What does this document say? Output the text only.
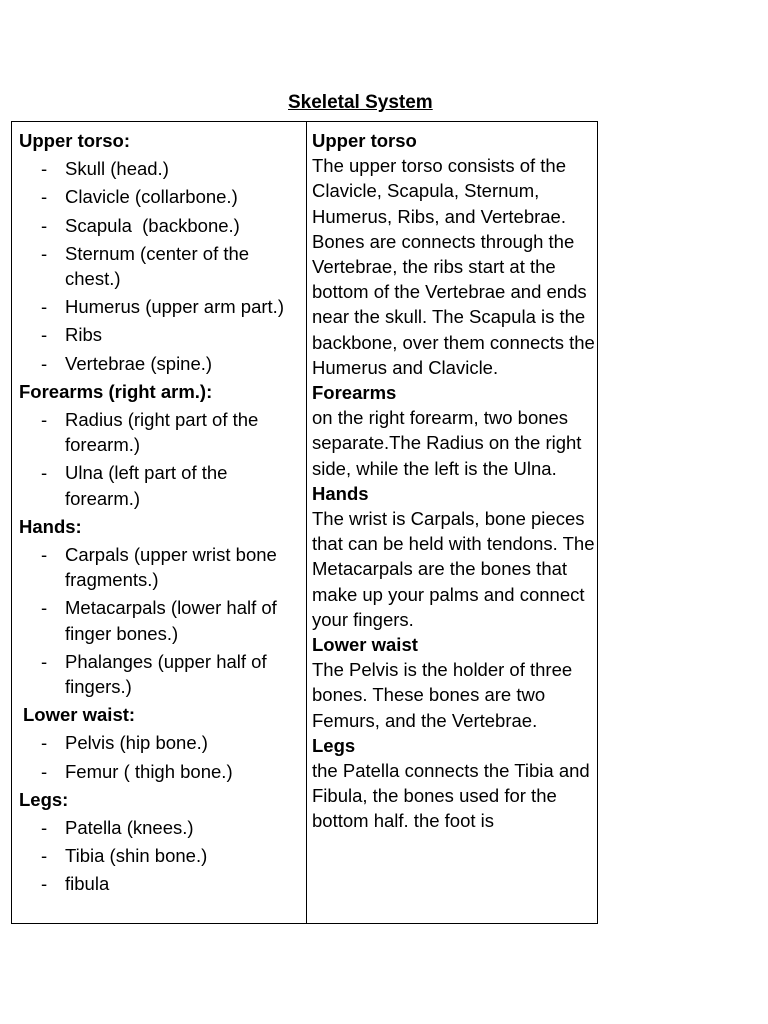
Skeletal System
Upper torso:
- Skull (head.)
- Clavicle (collarbone.)
- Scapula  (backbone.)
- Sternum (center of the chest.)
- Humerus (upper arm part.)
- Ribs
- Vertebrae (spine.)
Forearms (right arm.):
- Radius (right part of the forearm.)
- Ulna (left part of the forearm.)
Hands:
- Carpals (upper wrist bone fragments.)
- Metacarpals (lower half of finger bones.)
- Phalanges (upper half of fingers.)
Lower waist:
- Pelvis (hip bone.)
- Femur ( thigh bone.)
Legs:
- Patella (knees.)
- Tibia (shin bone.)
- fibula
Upper torso

The upper torso consists of the Clavicle, Scapula, Sternum, Humerus, Ribs, and Vertebrae. Bones are connects through the Vertebrae, the ribs start at the bottom of the Vertebrae and ends near the skull. The Scapula is the backbone, over them connects the Humerus and Clavicle.

Forearms

on the right forearm, two bones separate.The Radius on the right side, while the left is the Ulna.

Hands

The wrist is Carpals, bone pieces that can be held with tendons. The Metacarpals are the bones that make up your palms and connect your fingers.

Lower waist

The Pelvis is the holder of three bones. These bones are two Femurs, and the Vertebrae.

Legs

the Patella connects the Tibia and Fibula, the bones used for the bottom half. the foot is
